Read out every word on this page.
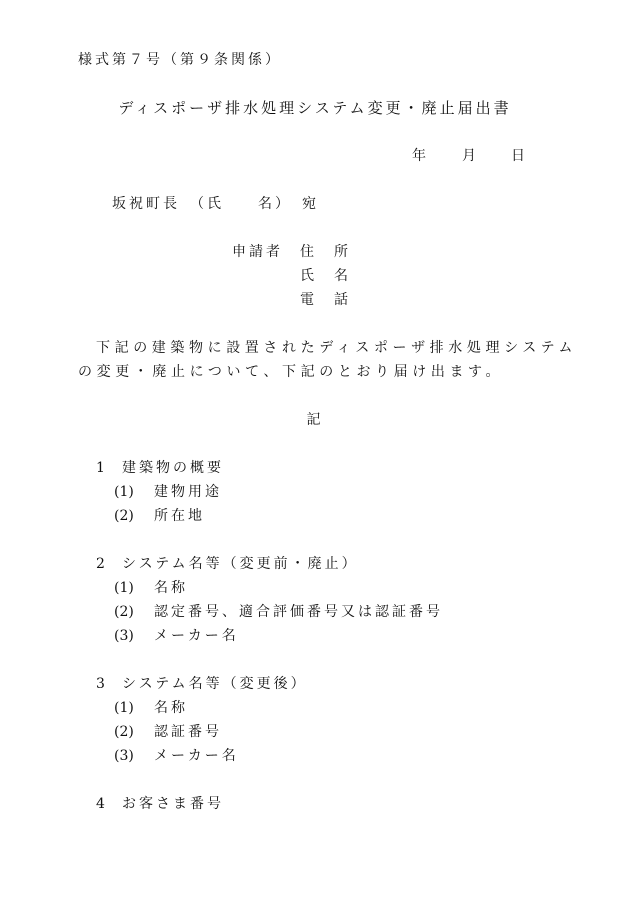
様式第７号（第９条関係）
ディスポーザ排水処理システム変更・廃止届出書
年 月 日
坂祝町長　（氏　　名）　宛
申請者 住　所
氏　名
電　話
下記の建築物に設置されたディスポーザ排水処理システム
の変更・廃止について、下記のとおり届け出ます。
記
1 建築物の概要
(1) 建物用途
(2) 所在地
2 システム名等（変更前・廃止）
(1) 名称
(2) 認定番号、適合評価番号又は認証番号
(3) メーカー名
3 システム名等（変更後）
(1) 名称
(2) 認証番号
(3) メーカー名
4 お客さま番号
